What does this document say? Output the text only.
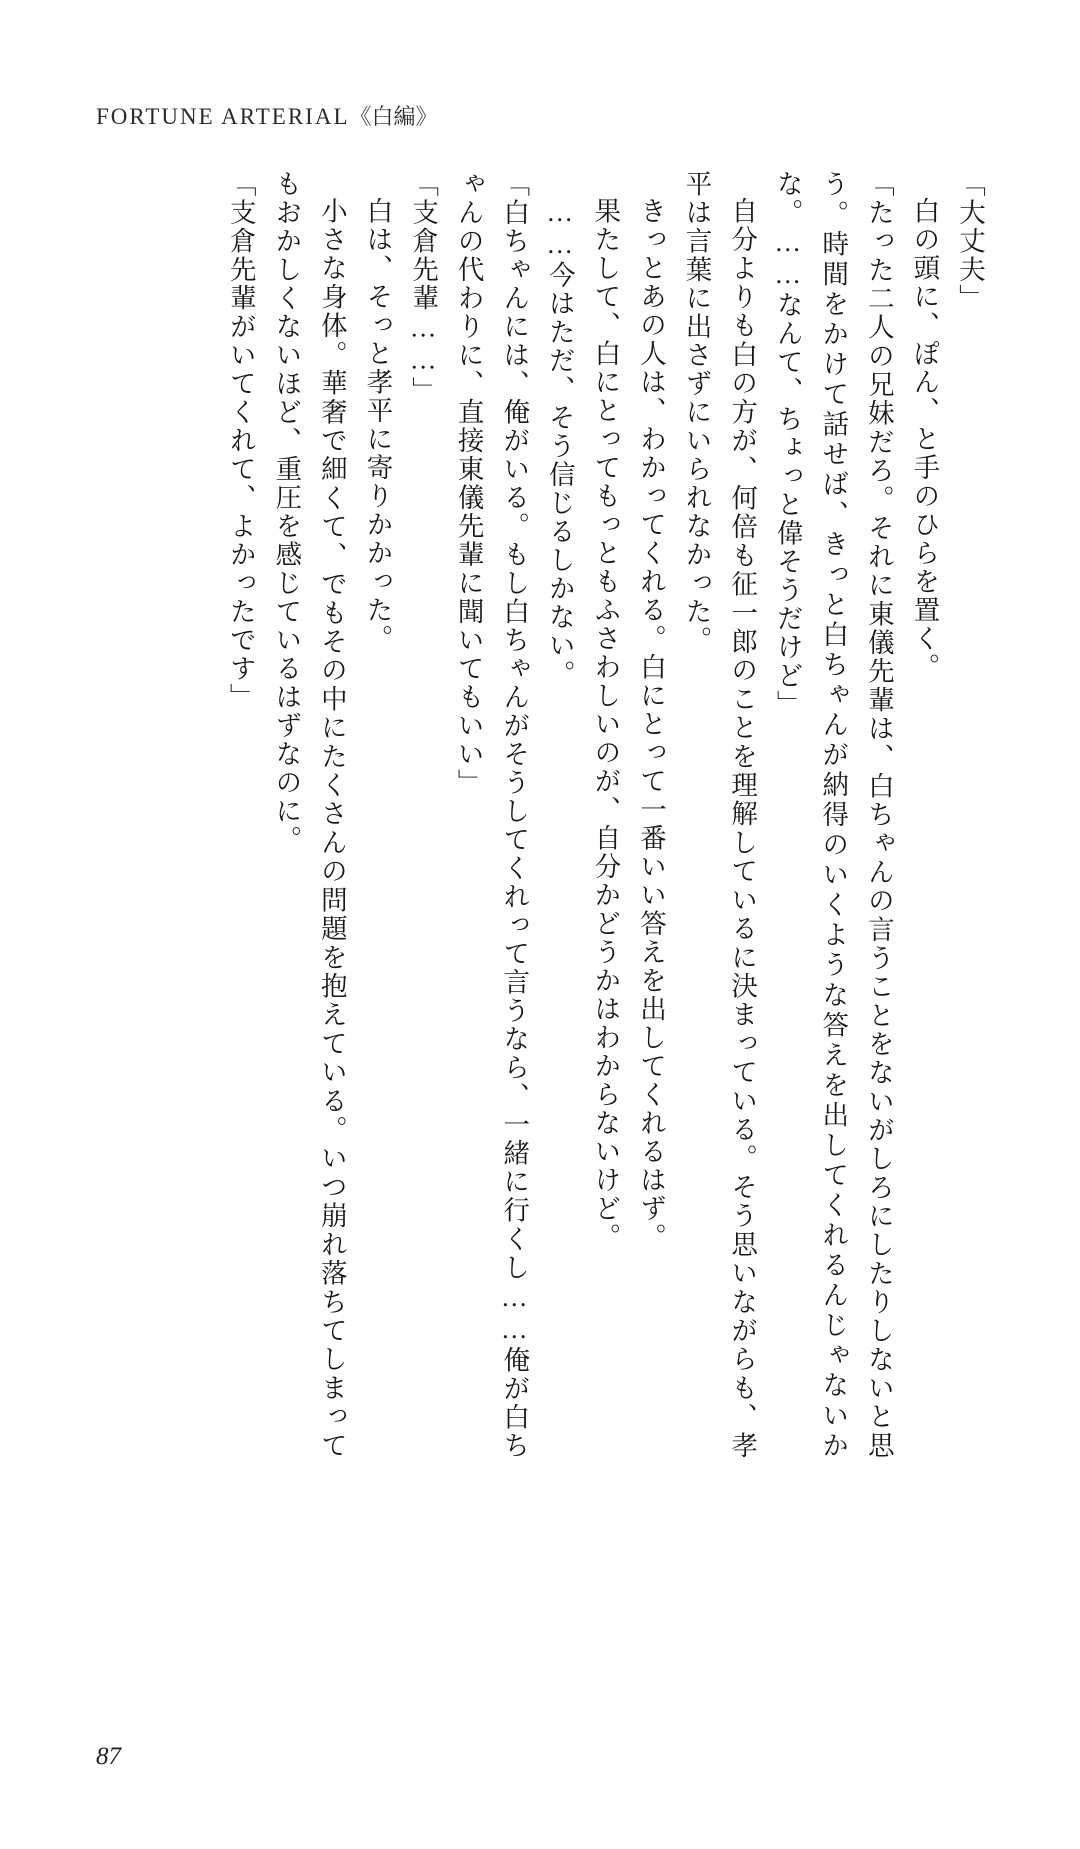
FORTUNE ARTERIAL《白編》

「大丈夫」

白の頭に、ぽん、と手のひらを置く。

「たった二人の兄妹だろ。それに東儀先輩は、白ちゃんの言うことをないがしろにしたりしないと思う。時間をかけて話せば、きっと白ちゃんが納得のいくような答えを出してくれるんじゃないかな。……なんて、ちょっと偉そうだけど」

自分よりも白の方が、何倍も征一郎のことを理解しているに決まっている。そう思いながらも、孝平は言葉に出さずにいられなかった。

きっとあの人は、わかってくれる。白にとって一番いい答えを出してくれるはず。

果たして、白にとってもっともふさわしいのが、自分かどうかはわからないけど。

……今はただ、そう信じるしかない。

「白ちゃんには、俺がいる。もし白ちゃんがそうしてくれって言うなら、一緒に行くし……俺が白ちゃんの代わりに、直接東儀先輩に聞いてもいい」

「支倉先輩……」

白は、そっと孝平に寄りかかった。

小さな身体。華奢で細くて、でもその中にたくさんの問題を抱えている。いつ崩れ落ちてしまってもおかしくないほど、重圧を感じているはずなのに。

「支倉先輩がいてくれて、よかったです」

87
